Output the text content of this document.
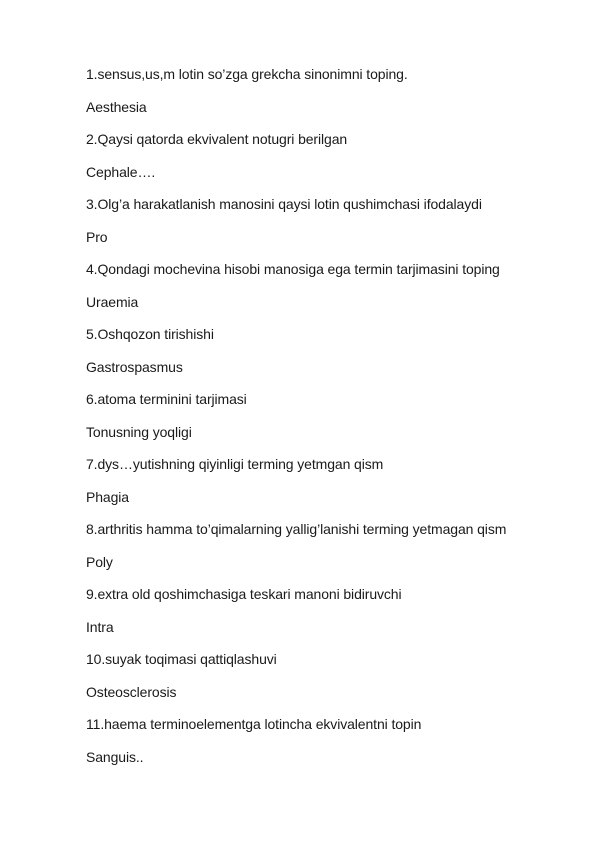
1.sensus,us,m lotin so’zga grekcha sinonimni toping.
Aesthesia
2.Qaysi qatorda ekvivalent notugri berilgan
Cephale….
3.Olg’a harakatlanish manosini qaysi lotin qushimchasi ifodalaydi
Pro
4.Qondagi mochevina hisobi manosiga ega termin tarjimasini toping
Uraemia
5.Oshqozon tirishishi
Gastrospasmus
6.atoma terminini tarjimasi
Tonusning yoqligi
7.dys…yutishning qiyinligi terming yetmgan qism
Phagia
8.arthritis hamma to’qimalarning yallig’lanishi terming yetmagan qism
Poly
9.extra old qoshimchasiga teskari manoni bidiruvchi
Intra
10.suyak toqimasi qattiqlashuvi
Osteosclerosis
11.haema terminoelementga lotincha ekvivalentni topin
Sanguis..
